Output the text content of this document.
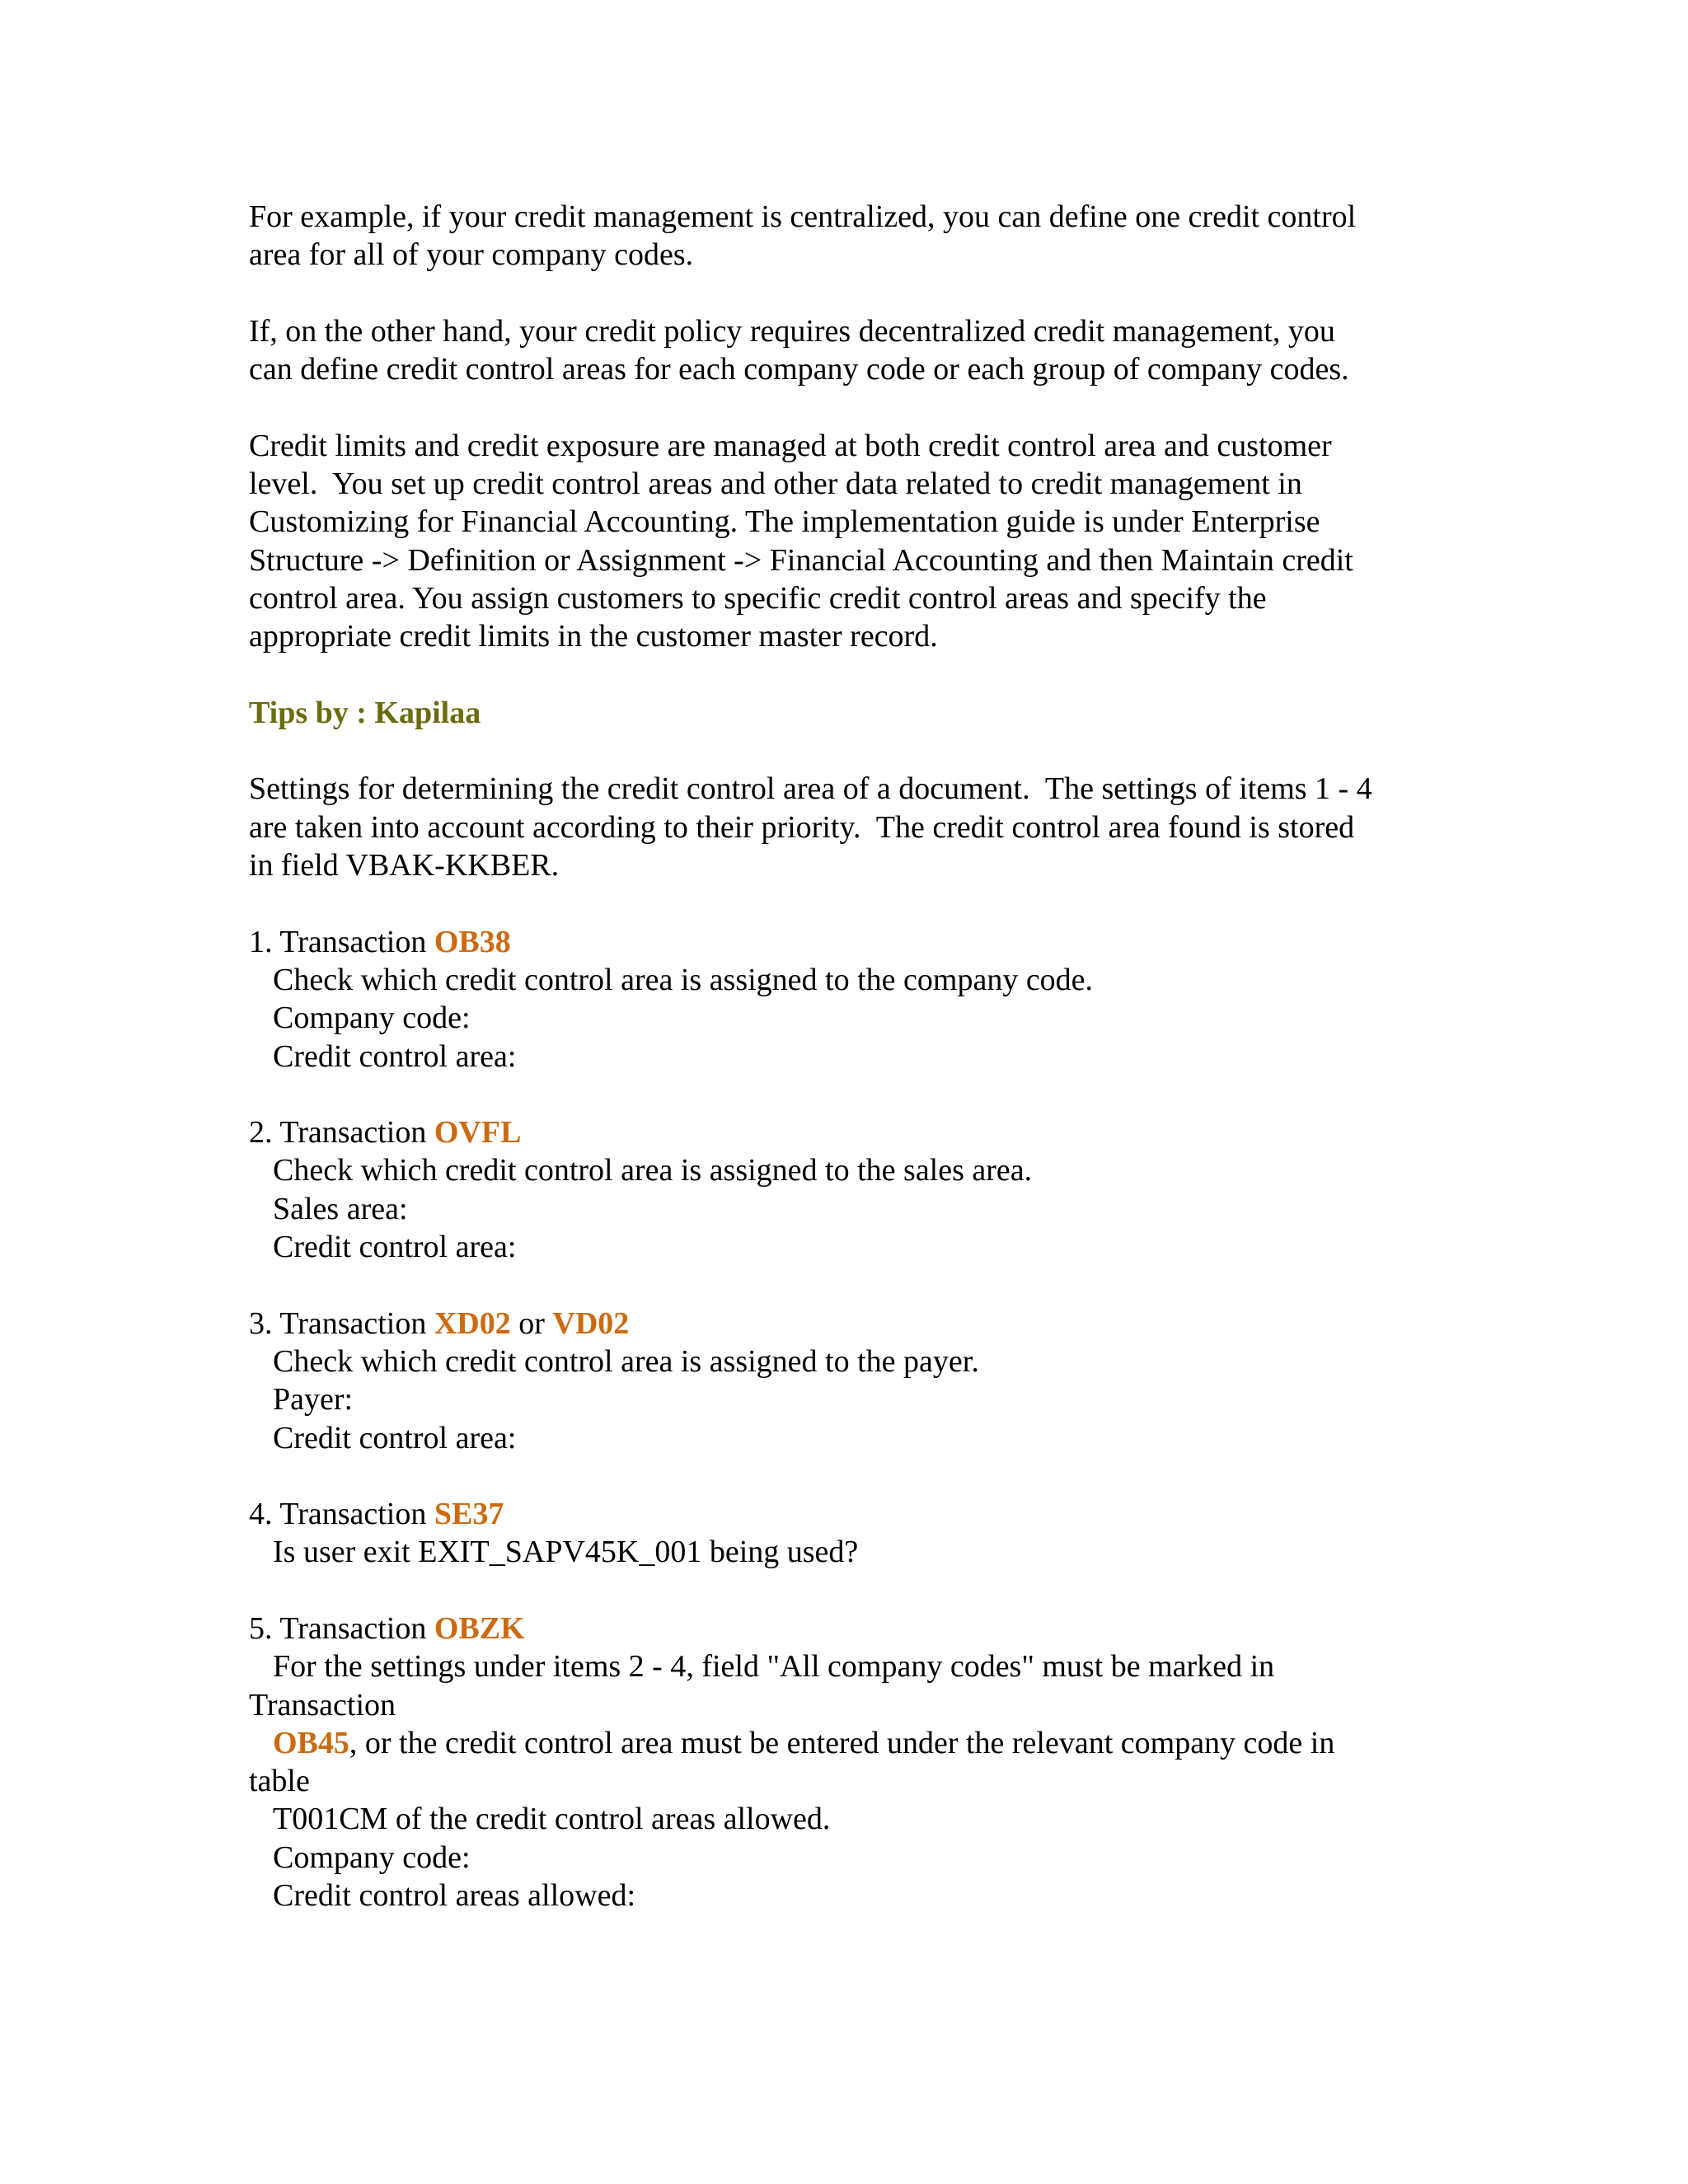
For example, if your credit management is centralized, you can define one credit control
area for all of your company codes.

If, on the other hand, your credit policy requires decentralized credit management, you
can define credit control areas for each company code or each group of company codes.

Credit limits and credit exposure are managed at both credit control area and customer
level.  You set up credit control areas and other data related to credit management in
Customizing for Financial Accounting. The implementation guide is under Enterprise
Structure -> Definition or Assignment -> Financial Accounting and then Maintain credit
control area. You assign customers to specific credit control areas and specify the
appropriate credit limits in the customer master record.

Tips by : Kapilaa

Settings for determining the credit control area of a document.  The settings of items 1 - 4
are taken into account according to their priority.  The credit control area found is stored
in field VBAK-KKBER.

1. Transaction OB38
Check which credit control area is assigned to the company code.
Company code:
Credit control area:
2. Transaction OVFL
Check which credit control area is assigned to the sales area.
Sales area:
Credit control area:
3. Transaction XD02 or VD02
Check which credit control area is assigned to the payer.
Payer:
Credit control area:
4. Transaction SE37
Is user exit EXIT_SAPV45K_001 being used?
5. Transaction OBZK
For the settings under items 2 - 4, field "All company codes" must be marked in
Transaction
OB45, or the credit control area must be entered under the relevant company code in
table
T001CM of the credit control areas allowed.
Company code:
Credit control areas allowed:
